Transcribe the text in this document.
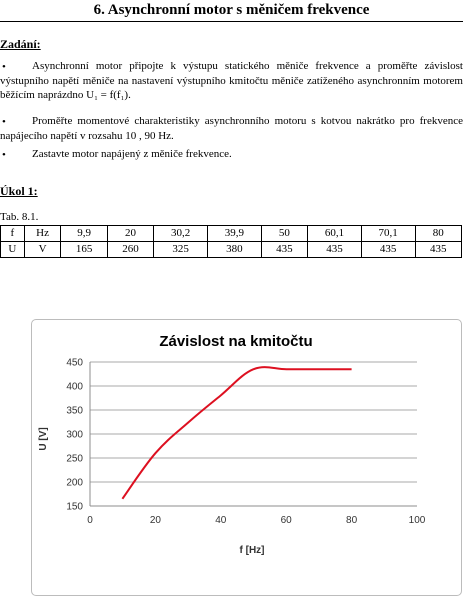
6. Asynchronní motor s měničem frekvence
Zadání:
•	Asynchronní motor připojte k výstupu statického měniče frekvence a proměřte závislost výstupního napětí měniče na nastavení výstupního kmitočtu měniče zatíženého asynchronním motorem běžícím naprázdno U₁ = f(f₁).
•	Proměřte momentové charakteristiky asynchronního motoru s kotvou nakrátko pro frekvence napájecího napětí v rozsahu 10 , 90 Hz.
•	Zastavte motor napájený z měniče frekvence.
Úkol 1:
Tab. 8.1.
f	Hz	9,9	20	30,2	39,9	50	60,1	70,1	80
U	V	165	260	325	380	435	435	435	435
Závislost na kmitočtu
150
200
250
300
350
400
450
0	20	40	60	80	100
U [V]
f [Hz]
